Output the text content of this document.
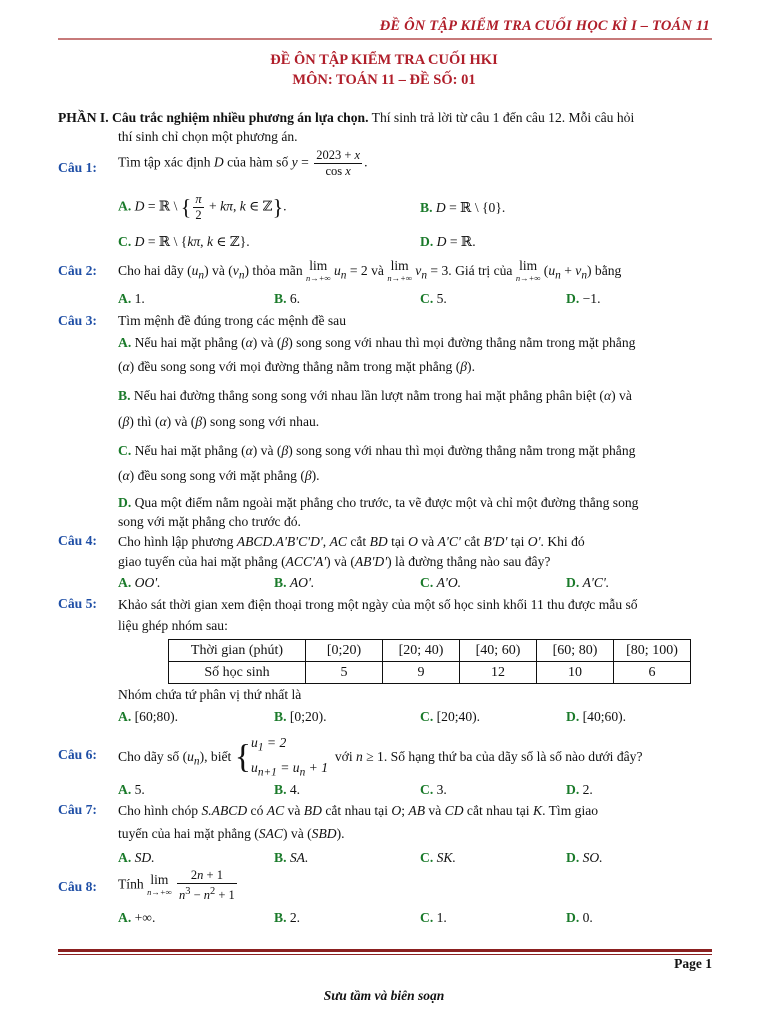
ĐỀ ÔN TẬP KIỂM TRA CUỐI HỌC KÌ I – TOÁN 11
ĐỀ ÔN TẬP KIỂM TRA CUỐI HKI
MÔN: TOÁN 11 – ĐỀ SỐ: 01
PHẦN I. Câu trắc nghiệm nhiều phương án lựa chọn. Thí sinh trả lời từ câu 1 đến câu 12. Mỗi câu hỏi
thí sinh chỉ chọn một phương án.
Câu 1: Tìm tập xác định D của hàm số $y = \frac{2023 + x}{\text{cos x}}$ .
A. D = ℝ \ { $\frac{\pi}{2} + k\pi$, k ∈ ℤ}.	B. D = ℝ \ {0}.
C. D = ℝ \ {kπ, k ∈ ℤ}.	D. D = ℝ.
Câu 2: Cho hai dãy $(u_n)$ và $(v_n)$ thỏa mãn lim
n→+∞ $u_n = 2$ và lim
n→+∞ $v_n = 3$. Giá trị của lim
n→+∞ $(u_n + v_n)$ bằng
A. 1.	B. 6.	C. 5.	D. −1.
Câu 3: Tìm mệnh đề đúng trong các mệnh đề sau
A. Nếu hai mặt phẳng (α) và (β) song song với nhau thì mọi đường thẳng nằm trong mặt phẳng
(α) đều song song với mọi đường thẳng nằm trong mặt phẳng (β).
B. Nếu hai đường thẳng song song với nhau lần lượt nằm trong hai mặt phẳng phân biệt (α) và
(β) thì (α) và (β) song song với nhau.
C. Nếu hai mặt phẳng (α) và (β) song song với nhau thì mọi đường thẳng nằm trong mặt phẳng
(α) đều song song với mặt phẳng (β).
D. Qua một điểm nằm ngoài mặt phẳng cho trước, ta vẽ được một và chỉ một đường thẳng song
song với mặt phẳng cho trước đó.
Câu 4: Cho hình lập phương ABCD.A'B'C'D', AC cắt BD tại O và A'C' cắt B'D' tại O'. Khi đó
giao tuyến của hai mặt phẳng (ACC'A') và (AB'D') là đường thẳng nào sau đây?
A. OO'.	B. AO'.	C. A'O.	D. A'C'.
Câu 5: Khảo sát thời gian xem điện thoại trong một ngày của một số học sinh khối 11 thu được mẫu số
liệu ghép nhóm sau:
Thời gian (phút)	[0;20)	[20; 40)	[40; 60)	[60; 80)	[80; 100)
Số học sinh	5	9	12	10	6
Nhóm chứa tứ phân vị thứ nhất là
A. [60;80).	B. [0;20).	C. [20;40).	D. [40;60).
Câu 6: Cho dãy số $(u_n)$, biết { $u_1 = 2$
$u_{n+1} = u_n + 1$
với n ≥ 1. Số hạng thứ ba của dãy số là số nào dưới đây?
A. 5.	B. 4.	C. 3.	D. 2.
Câu 7: Cho hình chóp S.ABCD có AC và BD cắt nhau tại O; AB và CD cắt nhau tại K. Tìm giao
tuyến của hai mặt phẳng (SAC) và (SBD).
A. SD.	B. SA.	C. SK.	D. SO.
Câu 8: Tính lim
n→+∞
$\frac{2n + 1}{n^3 - n^2 + 1}$
A. +∞.	B. 2.	C. 1.	D. 0.
Page 1
Sưu tầm và biên soạn
